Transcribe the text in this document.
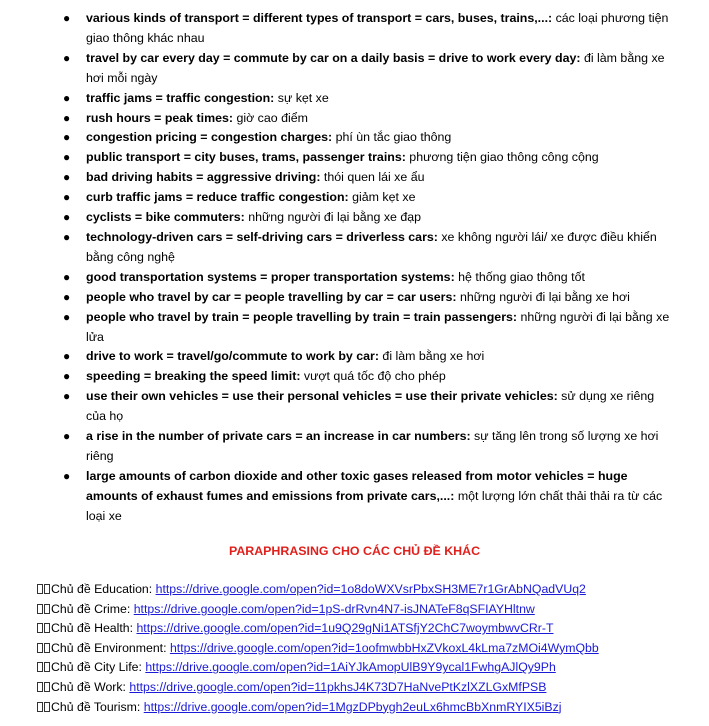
● various kinds of transport = different types of transport = cars, buses, trains,...: các loại phương tiện giao thông khác nhau
● travel by car every day = commute by car on a daily basis = drive to work every day: đi làm bằng xe hơi mỗi ngày
● traffic jams = traffic congestion: sự kẹt xe
● rush hours = peak times: giờ cao điểm
● congestion pricing = congestion charges: phí ùn tắc giao thông
● public transport = city buses, trams, passenger trains: phương tiện giao thông công cộng
● bad driving habits = aggressive driving: thói quen lái xe ẩu
● curb traffic jams = reduce traffic congestion: giảm kẹt xe
● cyclists = bike commuters: những người đi lại bằng xe đạp
● technology-driven cars = self-driving cars = driverless cars: xe không người lái/ xe được điều khiển bằng công nghệ
● good transportation systems = proper transportation systems: hệ thống giao thông tốt
● people who travel by car = people travelling by car = car users: những người đi lại bằng xe hơi
● people who travel by train = people travelling by train = train passengers: những người đi lại bằng xe lửa
● drive to work = travel/go/commute to work by car: đi làm bằng xe hơi
● speeding = breaking the speed limit: vượt quá tốc độ cho phép
● use their own vehicles = use their personal vehicles = use their private vehicles: sử dụng xe riêng của họ
● a rise in the number of private cars = an increase in car numbers: sự tăng lên trong số lượng xe hơi riêng
● large amounts of carbon dioxide and other toxic gases released from motor vehicles = huge amounts of exhaust fumes and emissions from private cars,...: một lượng lớn chất thải thải ra từ các loại xe
PARAPHRASING CHO CÁC CHỦ ĐỀ KHÁC
Chủ đề Education: https://drive.google.com/open?id=1o8doWXVsrPbxSH3ME7r1GrAbNQadVUq2
Chủ đề Crime: https://drive.google.com/open?id=1pS-drRvn4N7-isJNATeF8qSFIAYHltnw
Chủ đề Health: https://drive.google.com/open?id=1u9Q29gNi1ATSfjY2ChC7woymbwvCRr-T
Chủ đề Environment: https://drive.google.com/open?id=1oofmwbbHxZVkoxL4kLma7zMOi4WymQbb
Chủ đề City Life: https://drive.google.com/open?id=1AiYJkAmopUlB9Y9ycal1FwhgAJlQy9Ph
Chủ đề Work: https://drive.google.com/open?id=11pkhsJ4K73D7HaNvePtKzlXZLGxMfPSB
Chủ đề Tourism: https://drive.google.com/open?id=1MgzDPbygh2euLx6hmcBbXnmRYIX5iBzj
